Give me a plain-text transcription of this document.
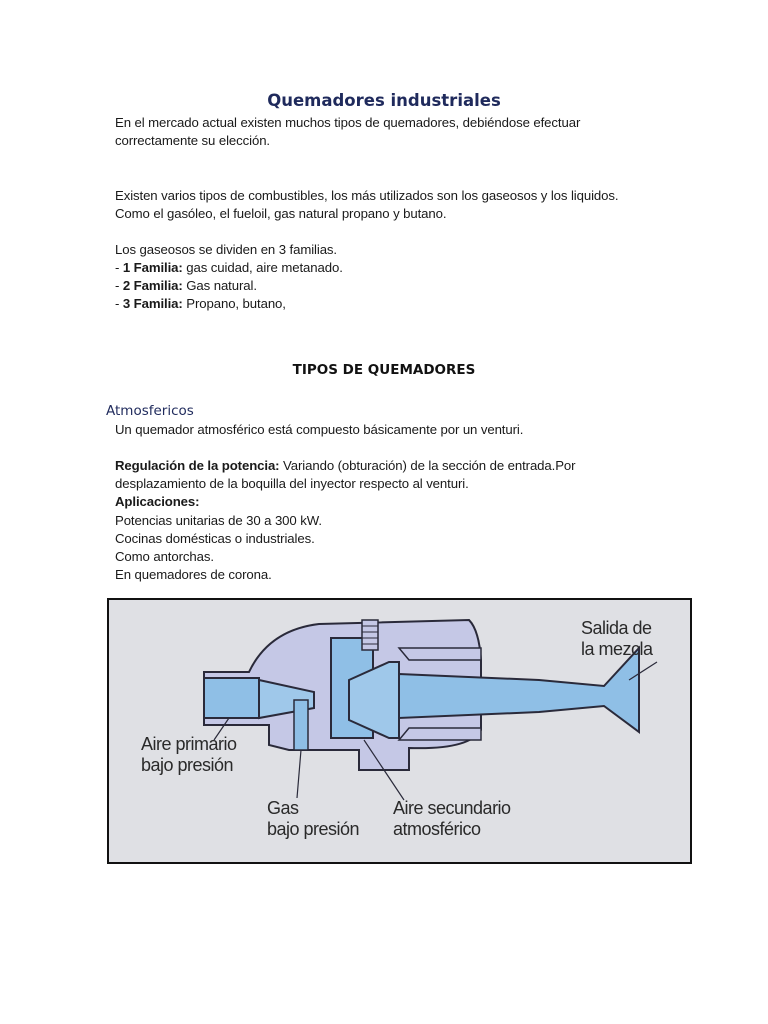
Quemadores industriales
En el mercado actual existen muchos tipos de quemadores, debiéndose efectuar
correctamente su elección.
Existen varios tipos de combustibles, los más utilizados son los gaseosos y los liquidos.
Como el gasóleo, el fueloil, gas natural propano y butano.
Los gaseosos se dividen en 3 familias.
- 1 Familia: gas cuidad, aire metanado.
- 2 Familia: Gas natural.
- 3 Familia: Propano, butano,
TIPOS DE QUEMADORES
Atmosfericos
Un quemador atmosférico está compuesto básicamente por un venturi.
Regulación de la potencia: Variando (obturación) de la sección de entrada.Por
desplazamiento de la boquilla del inyector respecto al venturi.
Aplicaciones:
Potencias unitarias de 30 a 300 kW.
Cocinas domésticas o industriales.
Como antorchas.
En quemadores de corona.
Salida de
la mezcla
Aire primario
bajo presión
Gas
bajo presión
Aire secundario
atmosférico
